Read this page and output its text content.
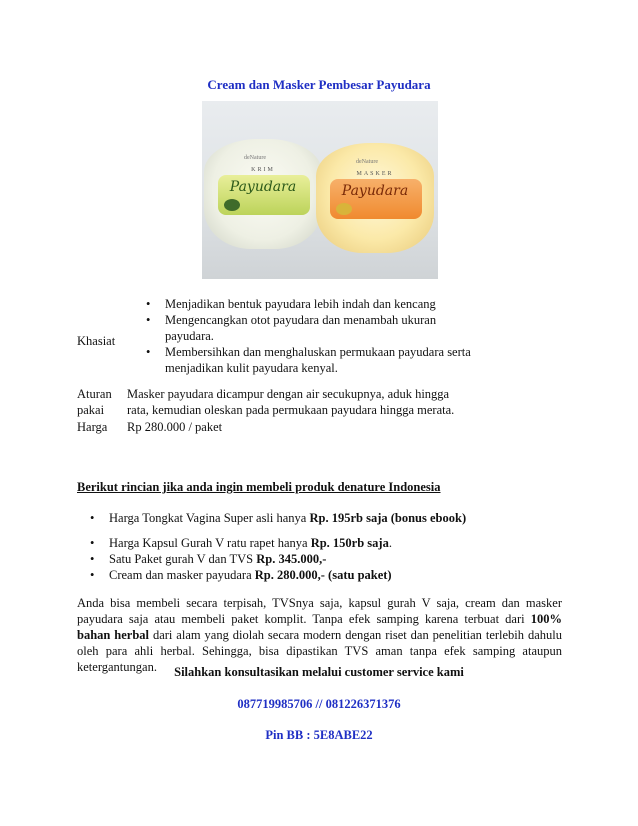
Cream dan Masker Pembesar Payudara
deNature
KRIM
Payudara
deNature
MASKER
Payudara
Khasiat
• Menjadikan bentuk payudara lebih indah dan kencang
• Mengencangkan otot payudara dan menambah ukuran payudara.
• Membersihkan dan menghaluskan permukaan payudara serta menjadikan kulit payudara kenyal.
Aturan
pakai
Masker payudara dicampur dengan air secukupnya, aduk hingga rata, kemudian oleskan pada permukaan payudara hingga merata.
Harga Rp 280.000 / paket
Berikut rincian jika anda ingin membeli produk denature Indonesia
• Harga Tongkat Vagina Super asli hanya Rp. 195rb saja (bonus ebook)
• Harga Kapsul Gurah V ratu rapet hanya Rp. 150rb saja.
• Satu Paket gurah V dan TVS Rp. 345.000,-
• Cream dan masker payudara Rp. 280.000,- (satu paket)
Anda bisa membeli secara terpisah, TVSnya saja, kapsul gurah V saja, cream dan masker payudara saja atau membeli paket komplit. Tanpa efek samping karena terbuat dari 100% bahan herbal dari alam yang diolah secara modern dengan riset dan penelitian terlebih dahulu oleh para ahli herbal. Sehingga, bisa dipastikan TVS aman tanpa efek samping ataupun ketergantungan.	Silahkan konsultasikan melalui customer service kami
087719985706 // 081226371376
Pin BB : 5E8ABE22
